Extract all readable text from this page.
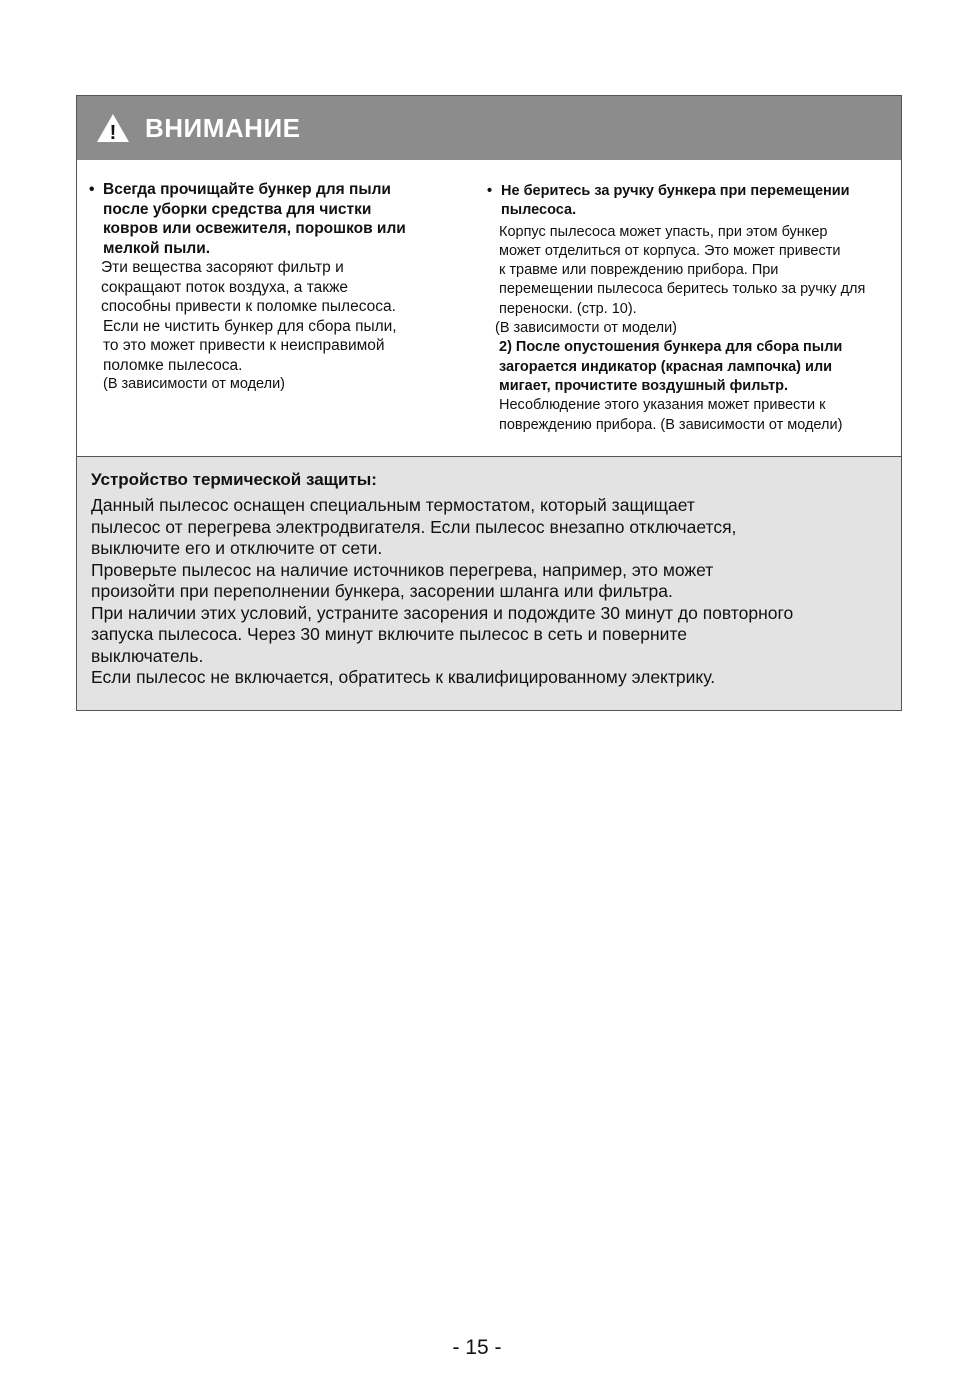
! ВНИМАНИЕ
• Всегда прочищайте бункер для пыли
после уборки средства для чистки
ковров или освежителя, порошков или
мелкой пыли.
Эти вещества засоряют фильтр и
сокращают поток воздуха, а также
способны привести к поломке пылесоса.
Если не чистить бункер для сбора пыли,
то это может привести к неисправимой
поломке пылесоса.
(В зависимости от модели)
• Не беритесь за ручку бункера при перемещении
пылесоса.
Корпус пылесоса может упасть, при этом бункер
может отделиться от корпуса. Это может привести
к травме или повреждению прибора. При
перемещении пылесоса беритесь только за ручку для
переноски. (стр. 10).
(В зависимости от модели)
2) После опустошения бункера для сбора пыли
загорается индикатор (красная лампочка) или
мигает, прочистите воздушный фильтр.
Несоблюдение этого указания может привести к
повреждению прибора. (В зависимости от модели)
Устройство термической защиты:

Данный пылесос оснащен специальным термостатом, который защищает

пылесос от перегрева электродвигателя. Если пылесос внезапно отключается,

выключите его и отключите от сети.

Проверьте пылесос на наличие источников перегрева, например, это может

произойти при переполнении бункера, засорении шланга или фильтра.

При наличии этих условий, устраните засорения и подождите 30 минут до повторного

запуска пылесоса. Через 30 минут включите пылесос в сеть и поверните

выключатель.

Если пылесос не включается, обратитесь к квалифицированному электрику.

- 15 -
